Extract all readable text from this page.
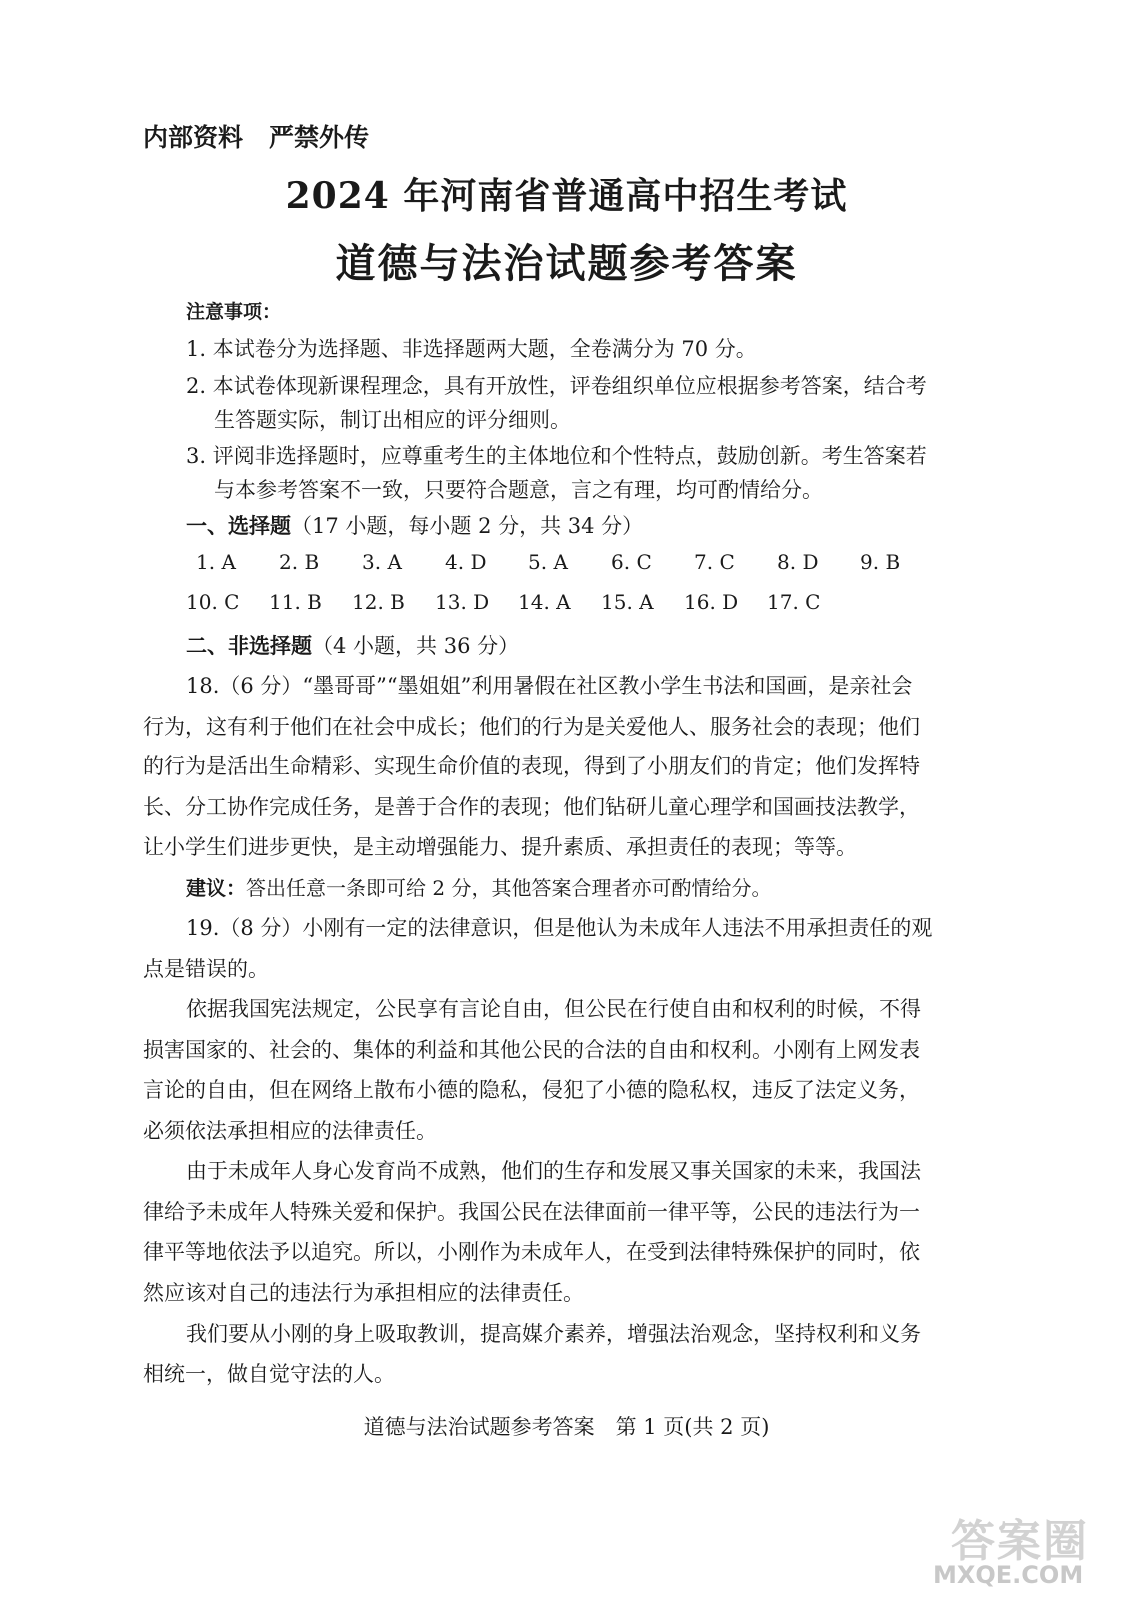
内部资料 严禁外传
2024 年河南省普通高中招生考试
道德与法治试题参考答案
注意事项：
1. 本试卷分为选择题、非选择题两大题，全卷满分为 70 分。
2. 本试卷体现新课程理念，具有开放性，评卷组织单位应根据参考答案，结合考
生答题实际，制订出相应的评分细则。
3. 评阅非选择题时，应尊重考生的主体地位和个性特点，鼓励创新。考生答案若
与本参考答案不一致，只要符合题意，言之有理，均可酌情给分。
一、选择题（17 小题，每小题 2 分，共 34 分）
1. A 2. B 3. A 4. D 5. A 6. C 7. C 8. D 9. B
10. C 11. B 12. B 13. D 14. A 15. A 16. D 17. C
二、非选择题（4 小题，共 36 分）
18.（6 分）“墨哥哥”“墨姐姐”利用暑假在社区教小学生书法和国画，是亲社会
行为，这有利于他们在社会中成长；他们的行为是关爱他人、服务社会的表现；他们
的行为是活出生命精彩、实现生命价值的表现，得到了小朋友们的肯定；他们发挥特
长、分工协作完成任务，是善于合作的表现；他们钻研儿童心理学和国画技法教学，
让小学生们进步更快，是主动增强能力、提升素质、承担责任的表现；等等。
建议：答出任意一条即可给 2 分，其他答案合理者亦可酌情给分。
19.（8 分）小刚有一定的法律意识，但是他认为未成年人违法不用承担责任的观
点是错误的。
依据我国宪法规定，公民享有言论自由，但公民在行使自由和权利的时候，不得
损害国家的、社会的、集体的利益和其他公民的合法的自由和权利。小刚有上网发表
言论的自由，但在网络上散布小德的隐私，侵犯了小德的隐私权，违反了法定义务，
必须依法承担相应的法律责任。
由于未成年人身心发育尚不成熟，他们的生存和发展又事关国家的未来，我国法
律给予未成年人特殊关爱和保护。我国公民在法律面前一律平等，公民的违法行为一
律平等地依法予以追究。所以，小刚作为未成年人，在受到法律特殊保护的同时，依
然应该对自己的违法行为承担相应的法律责任。
我们要从小刚的身上吸取教训，提高媒介素养，增强法治观念，坚持权利和义务
相统一，做自觉守法的人。
道德与法治试题参考答案　第 1 页(共 2 页)
答案圈
MXQE.COM
